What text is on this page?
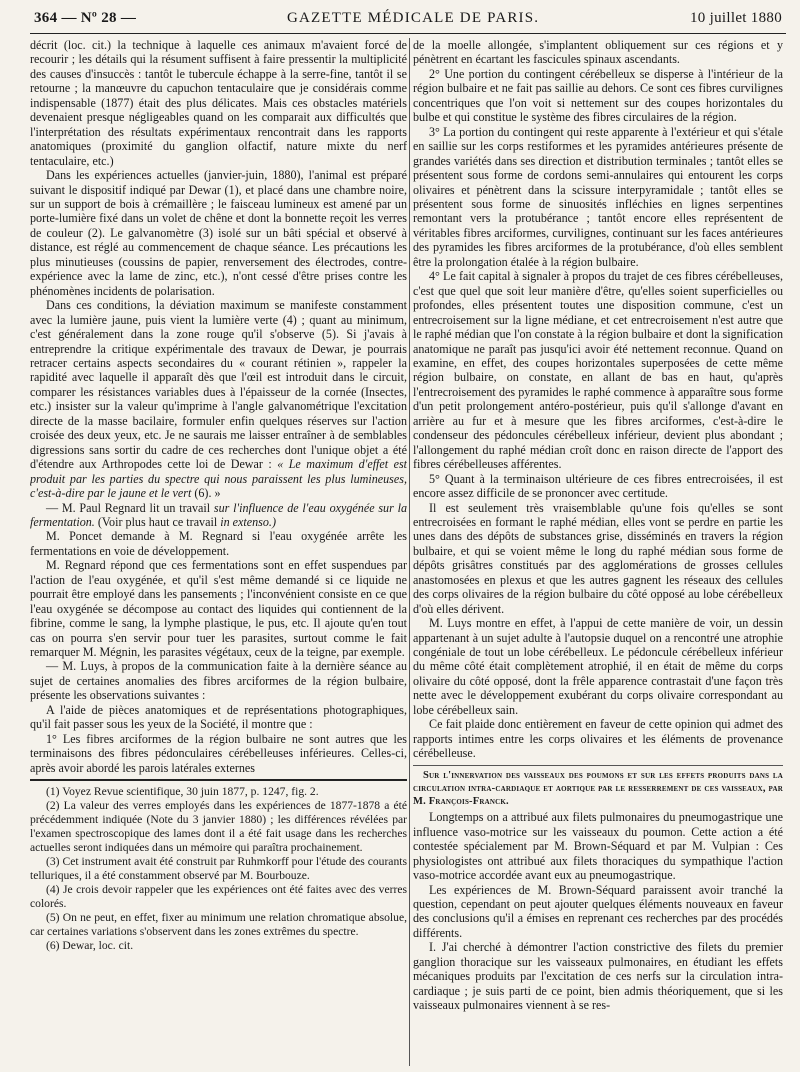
364 — Nº 28 —	GAZETTE MÉDICALE DE PARIS.	10 juillet 1880

décrit (loc. cit.) la technique à laquelle ces animaux m'avaient forcé de recourir ; les détails qui la résument suffisent à faire pressentir la multiplicité des causes d'insuccès : tantôt le tubercule échappe à la serre-fine, tantôt il se retourne ; la manœuvre du capuchon tentaculaire que je considérais comme indispensable (1877) était des plus délicates. Mais ces obstacles matériels devenaient presque négligeables quand on les comparait aux difficultés que l'interprétation des résultats expérimentaux rencontrait dans les rapports anatomiques (proximité du ganglion olfactif, nature mixte du nerf tentaculaire, etc.)

Dans les expériences actuelles (janvier-juin, 1880), l'animal est préparé suivant le dispositif indiqué par Dewar (1), et placé dans une chambre noire, sur un support de bois à crémaillère ; le faisceau lumineux est amené par un porte-lumière fixé dans un volet de chêne et dont la bonnette reçoit les verres de couleur (2). Le galvanomètre (3) isolé sur un bâti spécial et observé à distance, est réglé au commencement de chaque séance. Les précautions les plus minutieuses (coussins de papier, renversement des électrodes, contre-expérience avec la lame de zinc, etc.), n'ont cessé d'être prises contre les phénomènes incidents de polarisation.

Dans ces conditions, la déviation maximum se manifeste constamment avec la lumière jaune, puis vient la lumière verte (4) ; quant au minimum, c'est généralement dans la zone rouge qu'il s'observe (5). Si j'avais à entreprendre la critique expérimentale des travaux de Dewar, je pourrais retracer certains aspects secondaires du « courant rétinien », rappeler la rapidité avec laquelle il apparaît dès que l'œil est introduit dans le circuit, comparer les résistances variables dues à l'épaisseur de la cornée (Insectes, etc.) insister sur la valeur qu'imprime à l'angle galvanométrique l'excitation directe de la masse bacilaire, formuler enfin quelques réserves sur l'action croisée des deux yeux, etc. Je ne saurais me laisser entraîner à de semblables digressions sans sortir du cadre de ces recherches dont l'unique objet a été d'étendre aux Arthropodes cette loi de Dewar : « Le maximum d'effet est produit par les parties du spectre qui nous paraissent les plus lumineuses, c'est-à-dire par le jaune et le vert (6). »

— M. Paul Regnard lit un travail sur l'influence de l'eau oxygénée sur la fermentation. (Voir plus haut ce travail in extenso.)

M. Poncet demande à M. Regnard si l'eau oxygénée arrête les fermentations en voie de développement.

M. Regnard répond que ces fermentations sont en effet suspendues par l'action de l'eau oxygénée, et qu'il s'est même demandé si ce liquide ne pourrait être employé dans les pansements ; l'inconvénient consiste en ce que l'eau oxygénée se décompose au contact des liquides qui contiennent de la fibrine, comme le sang, la lymphe plastique, le pus, etc. Il ajoute qu'en tout cas on pourra s'en servir pour tuer les parasites, surtout comme le fait remarquer M. Mégnin, les parasites végétaux, ceux de la teigne, par exemple.

— M. Luys, à propos de la communication faite à la dernière séance au sujet de certaines anomalies des fibres arciformes de la région bulbaire, présente les observations suivantes :

A l'aide de pièces anatomiques et de représentations photographiques, qu'il fait passer sous les yeux de la Société, il montre que :

1° Les fibres arciformes de la région bulbaire ne sont autres que les terminaisons des fibres pédonculaires cérébelleuses inférieures. Celles-ci, après avoir abordé les parois latérales externes

(1) Voyez Revue scientifique, 30 juin 1877, p. 1247, fig. 2.

(2) La valeur des verres employés dans les expériences de 1877-1878 a été précédemment indiquée (Note du 3 janvier 1880) ; les différences révélées par l'examen spectroscopique des lames dont il a été fait usage dans les recherches actuelles seront indiquées dans un mémoire qui paraîtra prochainement.

(3) Cet instrument avait été construit par Ruhmkorff pour l'étude des courants telluriques, il a été constamment observé par M. Bourbouze.

(4) Je crois devoir rappeler que les expériences ont été faites avec des verres colorés.

(5) On ne peut, en effet, fixer au minimum une relation chromatique absolue, car certaines variations s'observent dans les zones extrêmes du spectre.

(6) Dewar, loc. cit.

de la moelle allongée, s'implantent obliquement sur ces régions et y pénètrent en écartant les fascicules spinaux ascendants.

2° Une portion du contingent cérébelleux se disperse à l'intérieur de la région bulbaire et ne fait pas saillie au dehors. Ce sont ces fibres curvilignes concentriques que l'on voit si nettement sur des coupes horizontales du bulbe et qui constitue le système des fibres circulaires de la région.

3° La portion du contingent qui reste apparente à l'extérieur et qui s'étale en saillie sur les corps restiformes et les pyramides antérieures présente de grandes variétés dans ses direction et distribution terminales ; tantôt elles se présentent sous forme de cordons semi-annulaires qui entourent les corps olivaires et pénètrent dans la scissure interpyramidale ; tantôt elles se présentent sous forme de sinuosités infléchies en lignes serpentines remontant vers la protubérance ; tantôt encore elles représentent de véritables fibres arciformes, curvilignes, continuant sur les faces antérieures des pyramides les fibres arciformes de la protubérance, d'où elles semblent être la prolongation étalée à la région bulbaire.

4° Le fait capital à signaler à propos du trajet de ces fibres cérébelleuses, c'est que quel que soit leur manière d'être, qu'elles soient superficielles ou profondes, elles présentent toutes une disposition commune, c'est un entrecroisement sur la ligne médiane, et cet entrecroisement n'est autre que le raphé médian que l'on constate à la région bulbaire et dont la signification anatomique ne paraît pas jusqu'ici avoir été nettement reconnue. Quand on examine, en effet, des coupes horizontales superposées de cette même région bulbaire, on constate, en allant de bas en haut, qu'après l'entrecroisement des pyramides le raphé commence à apparaître sous forme d'un petit prolongement antéro-postérieur, puis qu'il s'allonge d'avant en arrière au fur et à mesure que les fibres arciformes, c'est-à-dire le condenseur des pédoncules cérébelleux inférieur, devient plus abondant ; l'allongement du raphé médian croît donc en raison directe de l'apport des fibres cérébelleuses afférentes.

5° Quant à la terminaison ultérieure de ces fibres entrecroisées, il est encore assez difficile de se prononcer avec certitude.

Il est seulement très vraisemblable qu'une fois qu'elles se sont entrecroisées en formant le raphé médian, elles vont se perdre en partie les unes dans des dépôts de substances grise, disséminés en travers la région bulbaire, et qui se voient même le long du raphé médian sous forme de dépôts grisâtres constitués par des agglomérations de grosses cellules anastomosées en plexus et que les autres gagnent les réseaux des cellules des corps olivaires de la région bulbaire du côté opposé au lobe cérébelleux d'où elles dérivent.

M. Luys montre en effet, à l'appui de cette manière de voir, un dessin appartenant à un sujet adulte à l'autopsie duquel on a rencontré une atrophie congéniale de tout un lobe cérébelleux. Le pédoncule cérébelleux inférieur du même côté était complètement atrophié, il en était de même du corps olivaire du côté opposé, dont la frêle apparence contrastait d'une façon très nette avec le développement exubérant du corps olivaire correspondant au lobe cérébelleux sain.

Ce fait plaide donc entièrement en faveur de cette opinion qui admet des rapports intimes entre les corps olivaires et les éléments de provenance cérébelleuse.

Sur l'innervation des vaisseaux des poumons et sur les effets produits dans la circulation intra-cardiaque et aortique par le resserrement de ces vaisseaux, par M. François-Franck.

Longtemps on a attribué aux filets pulmonaires du pneumogastrique une influence vaso-motrice sur les vaisseaux du poumon. Cette action a été contestée spécialement par M. Brown-Séquard et par M. Vulpian : Ces physiologistes ont attribué aux filets thoraciques du sympathique l'action vaso-motrice accordée avant eux au pneumogastrique.

Les expériences de M. Brown-Séquard paraissent avoir tranché la question, cependant on peut ajouter quelques éléments nouveaux en faveur des conclusions qu'il a émises en reprenant ces recherches par des procédés différents.

I. J'ai cherché à démontrer l'action constrictive des filets du premier ganglion thoracique sur les vaisseaux pulmonaires, en étudiant les effets mécaniques produits par l'excitation de ces nerfs sur la circulation intra-cardiaque ; je suis parti de ce point, bien admis théoriquement, que si les vaisseaux pulmonaires viennent à se res-
